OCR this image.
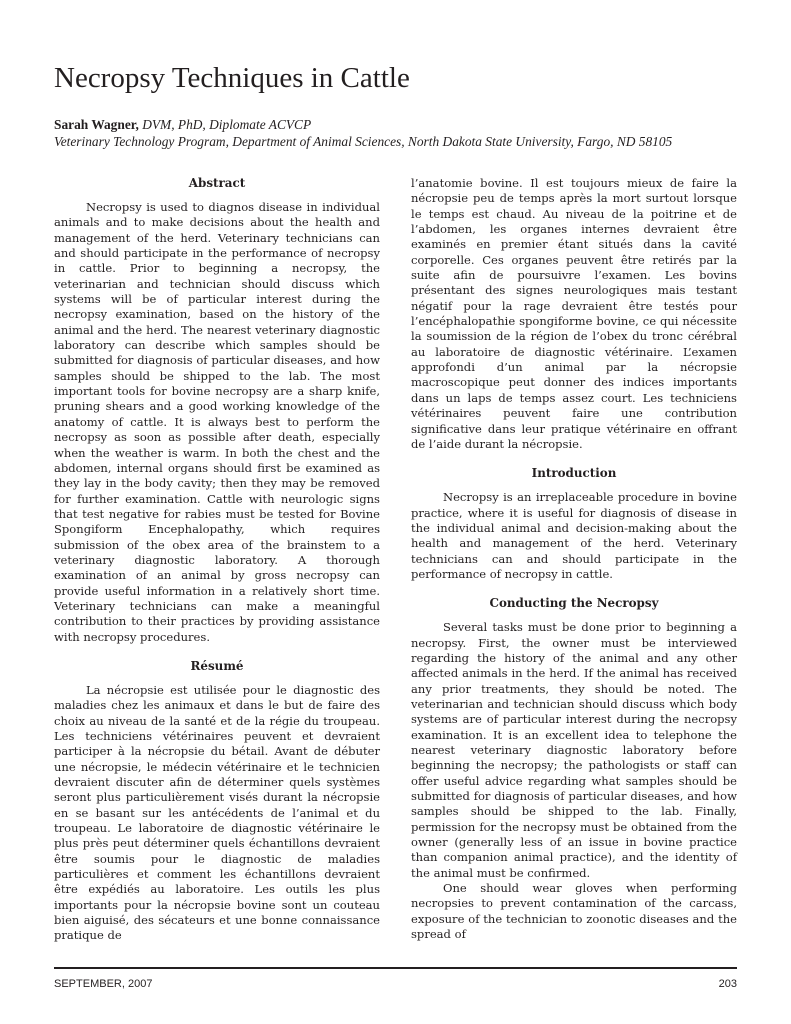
Necropsy Techniques in Cattle

Sarah Wagner, DVM, PhD, Diplomate ACVCP

Veterinary Technology Program, Department of Animal Sciences, North Dakota State University, Fargo, ND 58105

Abstract

Necropsy is used to diagnos disease in individual animals and to make decisions about the health and management of the herd. Veterinary technicians can and should participate in the performance of necropsy in cattle. Prior to beginning a necropsy, the veterinarian and technician should discuss which systems will be of particular interest during the necropsy examination, based on the history of the animal and the herd. The nearest veterinary diagnostic laboratory can describe which samples should be submitted for diagnosis of particular diseases, and how samples should be shipped to the lab. The most important tools for bovine necropsy are a sharp knife, pruning shears and a good working knowledge of the anatomy of cattle. It is always best to perform the necropsy as soon as possible after death, especially when the weather is warm. In both the chest and the abdomen, internal organs should first be examined as they lay in the body cavity; then they may be removed for further examination. Cattle with neurologic signs that test negative for rabies must be tested for Bovine Spongiform Encephalopathy, which requires submission of the obex area of the brainstem to a veterinary diagnostic laboratory. A thorough examination of an animal by gross necropsy can provide useful information in a relatively short time. Veterinary technicians can make a meaningful contribution to their practices by providing assistance with necropsy procedures.

Résumé

La nécropsie est utilisée pour le diagnostic des maladies chez les animaux et dans le but de faire des choix au niveau de la santé et de la régie du troupeau. Les techniciens vétérinaires peuvent et devraient participer à la nécropsie du bétail. Avant de débuter une nécropsie, le médecin vétérinaire et le technicien devraient discuter afin de déterminer quels systèmes seront plus particulièrement visés durant la nécropsie en se basant sur les antécédents de l’animal et du troupeau. Le laboratoire de diagnostic vétérinaire le plus près peut déterminer quels échantillons devraient être soumis pour le diagnostic de maladies particulières et comment les échantillons devraient être expédiés au laboratoire. Les outils les plus importants pour la nécropsie bovine sont un couteau bien aiguisé, des sécateurs et une bonne connaissance pratique de

l’anatomie bovine. Il est toujours mieux de faire la nécropsie peu de temps après la mort surtout lorsque le temps est chaud. Au niveau de la poitrine et de l’abdomen, les organes internes devraient être examinés en premier étant situés dans la cavité corporelle. Ces organes peuvent être retirés par la suite afin de poursuivre l’examen. Les bovins présentant des signes neurologiques mais testant négatif pour la rage devraient être testés pour l’encéphalopathie spongiforme bovine, ce qui nécessite la soumission de la région de l’obex du tronc cérébral au laboratoire de diagnostic vétérinaire. L’examen approfondi d’un animal par la nécropsie macroscopique peut donner des indices importants dans un laps de temps assez court. Les techniciens vétérinaires peuvent faire une contribution significative dans leur pratique vétérinaire en offrant de l’aide durant la nécropsie.

Introduction

Necropsy is an irreplaceable procedure in bovine practice, where it is useful for diagnosis of disease in the individual animal and decision-making about the health and management of the herd. Veterinary technicians can and should participate in the performance of necropsy in cattle.

Conducting the Necropsy

Several tasks must be done prior to beginning a necropsy. First, the owner must be interviewed regarding the history of the animal and any other affected animals in the herd. If the animal has received any prior treatments, they should be noted. The veterinarian and technician should discuss which body systems are of particular interest during the necropsy examination. It is an excellent idea to telephone the nearest veterinary diagnostic laboratory before beginning the necropsy; the pathologists or staff can offer useful advice regarding what samples should be submitted for diagnosis of particular diseases, and how samples should be shipped to the lab. Finally, permission for the necropsy must be obtained from the owner (generally less of an issue in bovine practice than companion animal practice), and the identity of the animal must be confirmed.

One should wear gloves when performing necropsies to prevent contamination of the carcass, exposure of the technician to zoonotic diseases and the spread of

SEPTEMBER, 2007	203
